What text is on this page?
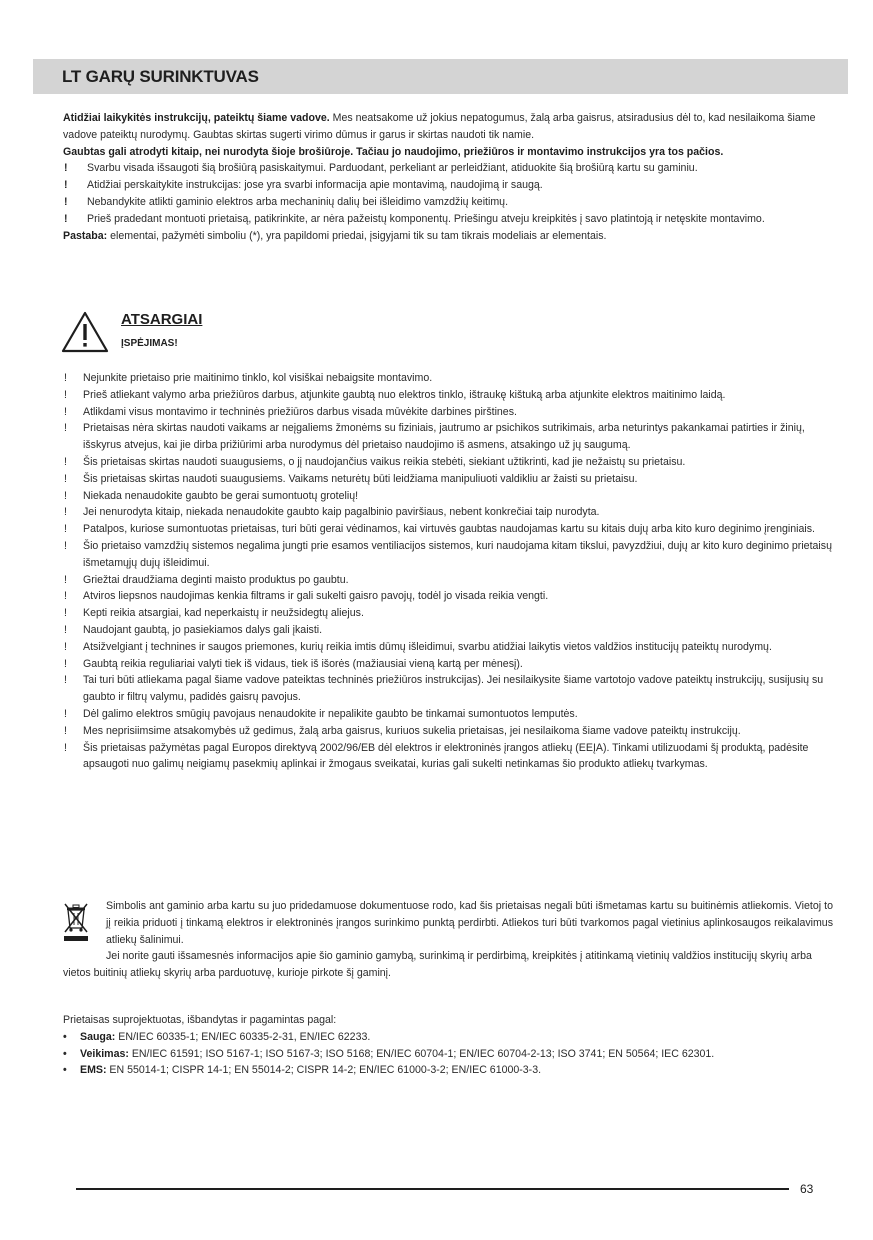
LT GARŲ SURINKTUVAS

Atidžiai laikykitės instrukcijų, pateiktų šiame vadove. Mes neatsakome už jokius nepatogumus, žalą arba gaisrus, atsiradusius dėl to, kad nesilaikoma šiame vadove pateiktų nurodymų. Gaubtas skirtas sugerti virimo dūmus ir garus ir skirtas naudoti tik namie.

Gaubtas gali atrodyti kitaip, nei nurodyta šioje brošiūroje. Tačiau jo naudojimo, priežiūros ir montavimo instrukcijos yra tos pačios.

!	Svarbu visada išsaugoti šią brošiūrą pasiskaitymui. Parduodant, perkeliant ar perleidžiant, atiduokite šią brošiūrą kartu su gaminiu.
!	Atidžiai perskaitykite instrukcijas: jose yra svarbi informacija apie montavimą, naudojimą ir saugą.
!	Nebandykite atlikti gaminio elektros arba mechaninių dalių bei išleidimo vamzdžių keitimų.
!	Prieš pradedant montuoti prietaisą, patikrinkite, ar nėra pažeistų komponentų. Priešingu atveju kreipkitės į savo platintoją ir netęskite montavimo.

Pastaba: elementai, pažymėti simboliu (*), yra papildomi priedai, įsigyjami tik su tam tikrais modeliais ar elementais.

ATSARGIAI
ĮSPĖJIMAS!
!	Nejunkite prietaiso prie maitinimo tinklo, kol visiškai nebaigsite montavimo.
!	Prieš atliekant valymo arba priežiūros darbus, atjunkite gaubtą nuo elektros tinklo, ištraukę kištuką arba atjunkite elektros maitinimo laidą.
!	Atlikdami visus montavimo ir techninės priežiūros darbus visada mūvėkite darbines pirštines.
!	Prietaisas nėra skirtas naudoti vaikams ar neįgaliems žmonėms su fiziniais, jautrumo ar psichikos sutrikimais, arba neturintys pakankamai patirties ir žinių, išskyrus atvejus, kai jie dirba prižiūrimi arba nurodymus dėl prietaiso naudojimo iš asmens, atsakingo už jų saugumą.
!	Šis prietaisas skirtas naudoti suaugusiems, o jį naudojančius vaikus reikia stebėti, siekiant užtikrinti, kad jie nežaistų su prietaisu.
!	Šis prietaisas skirtas naudoti suaugusiems. Vaikams neturėtų būti leidžiama manipuliuoti valdikliu ar žaisti su prietaisu.
!	Niekada nenaudokite gaubto be gerai sumontuotų grotelių!
!	Jei nenurodyta kitaip, niekada nenaudokite gaubto kaip pagalbinio paviršiaus, nebent konkrečiai taip nurodyta.
!	Patalpos, kuriose sumontuotas prietaisas, turi būti gerai vėdinamos, kai virtuvės gaubtas naudojamas kartu su kitais dujų arba kito kuro deginimo įrenginiais.
!	Šio prietaiso vamzdžių sistemos negalima jungti prie esamos ventiliacijos sistemos, kuri naudojama kitam tikslui, pavyzdžiui, dujų ar kito kuro deginimo prietaisų išmetamųjų dujų išleidimui.
!	Griežtai draudžiama deginti maisto produktus po gaubtu.
!	Atviros liepsnos naudojimas kenkia filtrams ir gali sukelti gaisro pavojų, todėl jo visada reikia vengti.
!	Kepti reikia atsargiai, kad neperkaistų ir neužsidegtų aliejus.
!	Naudojant gaubtą, jo pasiekiamos dalys gali įkaisti.
!	Atsižvelgiant į technines ir saugos priemones, kurių reikia imtis dūmų išleidimui, svarbu atidžiai laikytis vietos valdžios institucijų pateiktų nurodymų.
!	Gaubtą reikia reguliariai valyti tiek iš vidaus, tiek iš išorės (mažiausiai vieną kartą per mėnesį).
!	Tai turi būti atliekama pagal šiame vadove pateiktas techninės priežiūros instrukcijas). Jei nesilaikysite šiame vartotojo vadove pateiktų instrukcijų, susijusių su gaubto ir filtrų valymu, padidės gaisrų pavojus.
!	Dėl galimo elektros smūgių pavojaus nenaudokite ir nepalikite gaubto be tinkamai sumontuotos lemputės.
!	Mes neprisiimsime atsakomybės už gedimus, žalą arba gaisrus, kuriuos sukelia prietaisas, jei nesilaikoma šiame vadove pateiktų instrukcijų.
!	Šis prietaisas pažymėtas pagal Europos direktyvą 2002/96/EB dėl elektros ir elektroninės įrangos atliekų (EEĮA). Tinkami utilizuodami šį produktą, padėsite apsaugoti nuo galimų neigiamų pasekmių aplinkai ir žmogaus sveikatai, kurias gali sukelti netinkamas šio produkto atliekų tvarkymas.

Simbolis ant gaminio arba kartu su juo pridedamuose dokumentuose rodo, kad šis prietaisas negali būti išmetamas kartu su buitinėmis atliekomis. Vietoj to jį reikia priduoti į tinkamą elektros ir elektroninės įrangos surinkimo punktą perdirbti. Atliekos turi būti tvarkomos pagal vietinius aplinkosaugos reikalavimus atliekų šalinimui.

Jei norite gauti išsamesnės informacijos apie šio gaminio gamybą, surinkimą ir perdirbimą, kreipkitės į atitinkamą vietinių valdžios institucijų skyrių arba vietos buitinių atliekų skyrių arba parduotuvę, kurioje pirkote šį gaminį.

Prietaisas suprojektuotas, išbandytas ir pagamintas pagal:

•	Sauga: EN/IEC 60335-1; EN/IEC 60335-2-31, EN/IEC 62233.
•	Veikimas: EN/IEC 61591; ISO 5167-1; ISO 5167-3; ISO 5168; EN/IEC 60704-1; EN/IEC 60704-2-13; ISO 3741; EN 50564; IEC 62301.
•	EMS: EN 55014-1; CISPR 14-1; EN 55014-2; CISPR 14-2; EN/IEC 61000-3-2; EN/IEC 61000-3-3.
63
